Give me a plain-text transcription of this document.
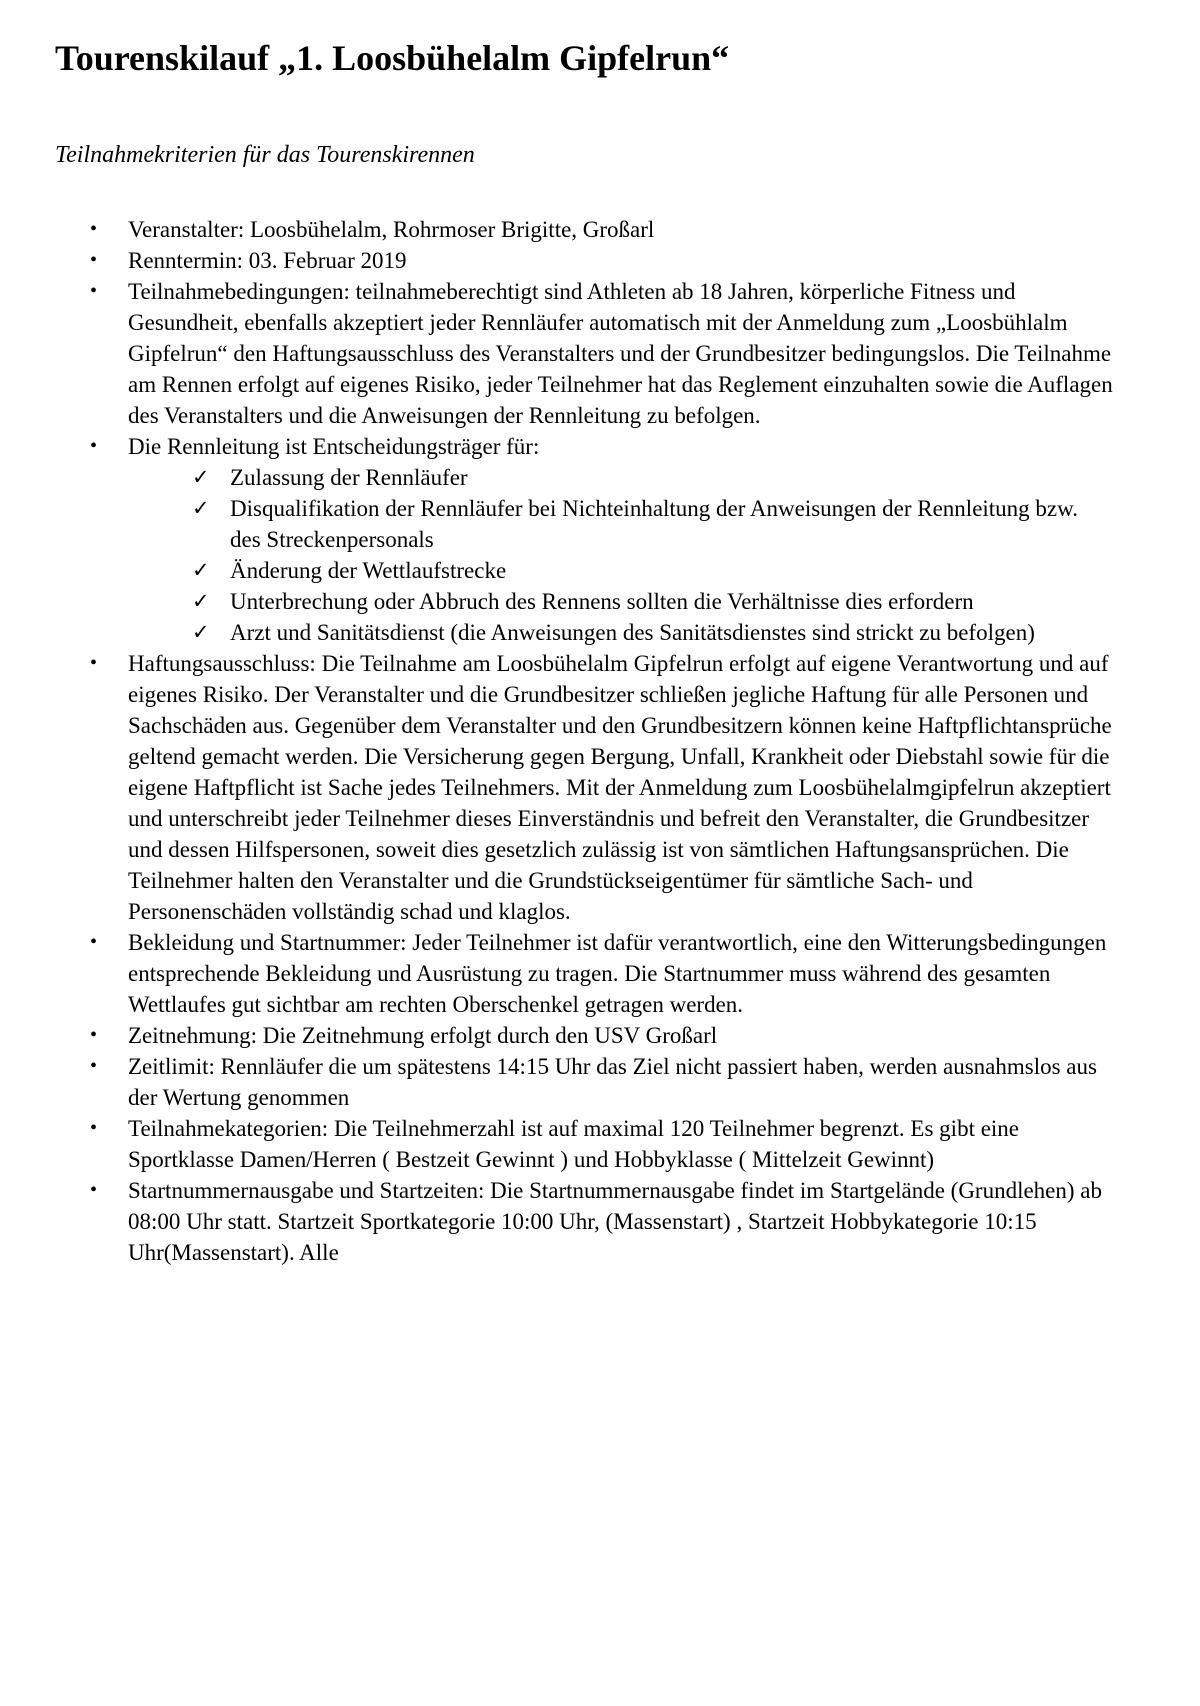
Tourenskilauf „1. Loosbühelalm Gipfelrun“

Teilnahmekriterien für das Tourenskirennen

•	Veranstalter: Loosbühelalm, Rohrmoser Brigitte, Großarl
•	Renntermin: 03. Februar 2019
•	Teilnahmebedingungen: teilnahmeberechtigt sind Athleten ab 18 Jahren, körperliche Fitness und Gesundheit, ebenfalls akzeptiert jeder Rennläufer automatisch mit der Anmeldung zum „Loosbühlalm Gipfelrun“ den Haftungsausschluss des Veranstalters und der Grundbesitzer bedingungslos. Die Teilnahme am Rennen erfolgt auf eigenes Risiko, jeder Teilnehmer hat das Reglement einzuhalten sowie die Auflagen des Veranstalters und die Anweisungen der Rennleitung zu befolgen.
•	Die Rennleitung ist Entscheidungsträger für:
✓ Zulassung der Rennläufer
✓ Disqualifikation der Rennläufer bei Nichteinhaltung der Anweisungen der Rennleitung bzw. des Streckenpersonals
✓ Änderung der Wettlaufstrecke
✓ Unterbrechung oder Abbruch des Rennens sollten die Verhältnisse dies erfordern
✓ Arzt und Sanitätsdienst (die Anweisungen des Sanitätsdienstes sind strickt zu befolgen)
•	Haftungsausschluss: Die Teilnahme am Loosbühelalm Gipfelrun erfolgt auf eigene Verantwortung und auf eigenes Risiko. Der Veranstalter und die Grundbesitzer schließen jegliche Haftung für alle Personen und Sachschäden aus. Gegenüber dem Veranstalter und den Grundbesitzern können keine Haftpflichtansprüche geltend gemacht werden. Die Versicherung gegen Bergung, Unfall, Krankheit oder Diebstahl sowie für die eigene Haftpflicht ist Sache jedes Teilnehmers. Mit der Anmeldung zum Loosbühelalmgipfelrun akzeptiert und unterschreibt jeder Teilnehmer dieses Einverständnis und befreit den Veranstalter, die Grundbesitzer und dessen Hilfspersonen, soweit dies gesetzlich zulässig ist von sämtlichen Haftungsansprüchen. Die Teilnehmer halten den Veranstalter und die Grundstückseigentümer für sämtliche Sach- und Personenschäden vollständig schad und klaglos.
•	Bekleidung und Startnummer: Jeder Teilnehmer ist dafür verantwortlich, eine den Witterungsbedingungen entsprechende Bekleidung und Ausrüstung zu tragen. Die Startnummer muss während des gesamten Wettlaufes gut sichtbar am rechten Oberschenkel getragen werden.
•	Zeitnehmung: Die Zeitnehmung erfolgt durch den USV Großarl
•	Zeitlimit: Rennläufer die um spätestens 14:15 Uhr das Ziel nicht passiert haben, werden ausnahmslos aus der Wertung genommen
•	Teilnahmekategorien: Die Teilnehmerzahl ist auf maximal 120 Teilnehmer begrenzt. Es gibt eine Sportklasse Damen/Herren ( Bestzeit Gewinnt ) und Hobbyklasse ( Mittelzeit Gewinnt)
•	Startnummernausgabe und Startzeiten: Die Startnummernausgabe findet im Startgelände (Grundlehen) ab 08:00 Uhr statt. Startzeit Sportkategorie 10:00 Uhr, (Massenstart) , Startzeit Hobbykategorie 10:15 Uhr(Massenstart). Alle
